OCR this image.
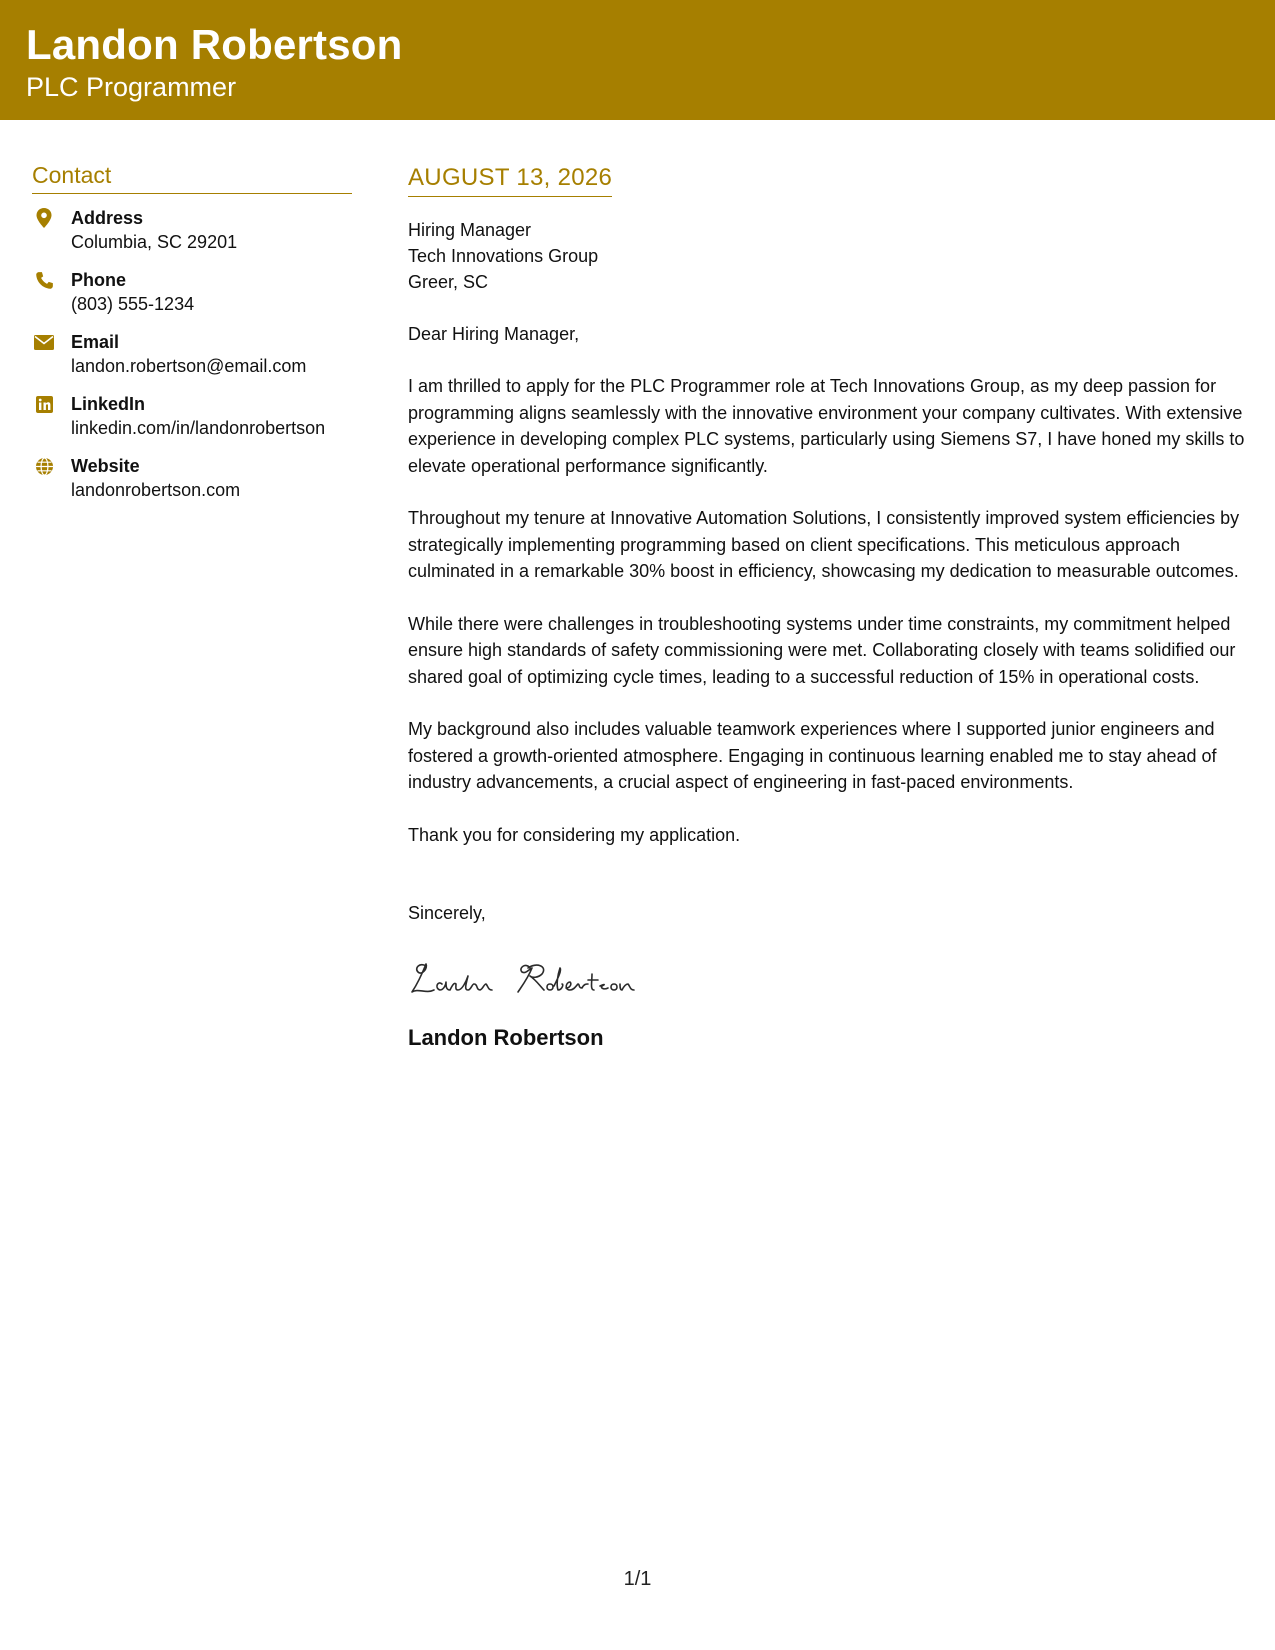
Landon Robertson
PLC Programmer
Contact
Address
Columbia, SC 29201
Phone
(803) 555-1234
Email
landon.robertson@email.com
LinkedIn
linkedin.com/in/landonrobertson
Website
landonrobertson.com
AUGUST 13, 2026
Hiring Manager
Tech Innovations Group
Greer, SC
Dear Hiring Manager,
I am thrilled to apply for the PLC Programmer role at Tech Innovations Group, as my deep passion for programming aligns seamlessly with the innovative environment your company cultivates. With extensive experience in developing complex PLC systems, particularly using Siemens S7, I have honed my skills to elevate operational performance significantly.
Throughout my tenure at Innovative Automation Solutions, I consistently improved system efficiencies by strategically implementing programming based on client specifications. This meticulous approach culminated in a remarkable 30% boost in efficiency, showcasing my dedication to measurable outcomes.
While there were challenges in troubleshooting systems under time constraints, my commitment helped ensure high standards of safety commissioning were met. Collaborating closely with teams solidified our shared goal of optimizing cycle times, leading to a successful reduction of 15% in operational costs.
My background also includes valuable teamwork experiences where I supported junior engineers and fostered a growth-oriented atmosphere. Engaging in continuous learning enabled me to stay ahead of industry advancements, a crucial aspect of engineering in fast-paced environments.
Thank you for considering my application.
Sincerely,
Landon Robertson
1/1
